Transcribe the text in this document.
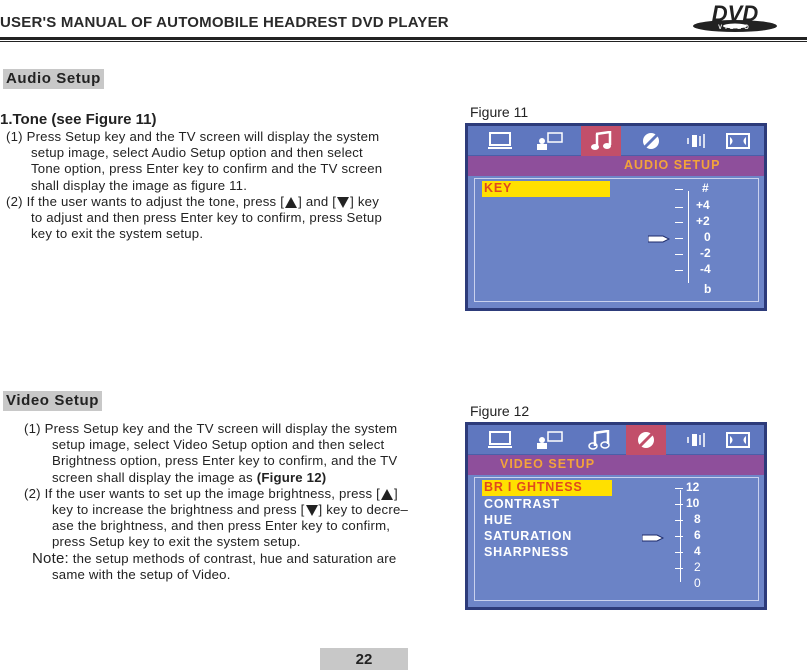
USER'S MANUAL OF AUTOMOBILE HEADREST DVD PLAYER	DVD
VIDEO
Audio Setup
1.Tone (see Figure 11)
(1) Press Setup key and the TV screen will display the system
setup image, select Audio Setup option and then select
Tone option, press Enter key to confirm and the TV screen
shall display the image as figure 11.
(2) If the user wants to adjust the tone, press [ ] and [ ] key
to adjust and then press Enter key to confirm, press Setup
key to exit the system setup.
Figure 11
AUDIO SETUP
KEY	#
+4
+2
0
-2
-4
b
Video Setup
(1) Press Setup key and the TV screen will display the system
setup image, select Video Setup option and then select
Brightness option, press Enter key to confirm, and the TV
screen shall display the image as (Figure 12)
(2) If the user wants to set up the image brightness, press [ ]
key to increase the brightness and press [ ] key to decre–
ase the brightness, and then press Enter key to confirm,
press Setup key to exit the system setup.
Note: the setup methods of contrast, hue and saturation are
same with the setup of Video.
Figure 12
VIDEO SETUP
BR I GHTNESS
CONTRAST
HUE
SATURATION
SHARPNESS
12
10
8
6
4
2
0
22
